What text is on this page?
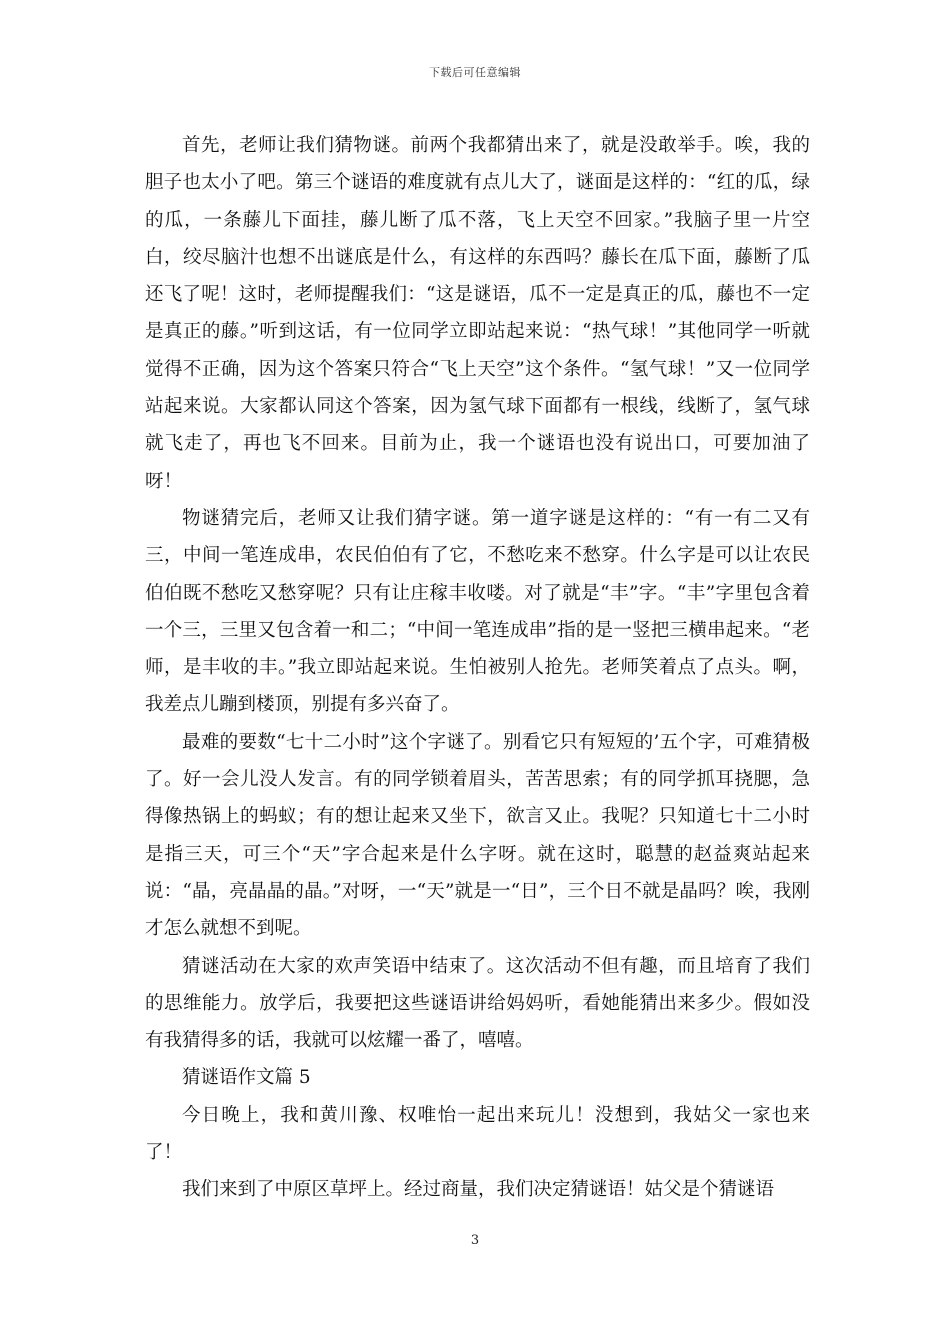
下载后可任意编辑

首先，老师让我们猜物谜。前两个我都猜出来了，就是没敢举手。唉，我的胆子也太小了吧。第三个谜语的难度就有点儿大了，谜面是这样的：“红的瓜，绿的瓜，一条藤儿下面挂，藤儿断了瓜不落，飞上天空不回家。”我脑子里一片空白，绞尽脑汁也想不出谜底是什么，有这样的东西吗？藤长在瓜下面，藤断了瓜还飞了呢！这时，老师提醒我们：“这是谜语，瓜不一定是真正的瓜，藤也不一定是真正的藤。”听到这话，有一位同学立即站起来说：“热气球！”其他同学一听就觉得不正确，因为这个答案只符合“飞上天空”这个条件。“氢气球！”又一位同学站起来说。大家都认同这个答案，因为氢气球下面都有一根线，线断了，氢气球就飞走了，再也飞不回来。目前为止，我一个谜语也没有说出口，可要加油了呀！

物谜猜完后，老师又让我们猜字谜。第一道字谜是这样的：“有一有二又有三，中间一笔连成串，农民伯伯有了它，不愁吃来不愁穿。什么字是可以让农民伯伯既不愁吃又愁穿呢？只有让庄稼丰收喽。对了就是“丰”字。“丰”字里包含着一个三，三里又包含着一和二；“中间一笔连成串”指的是一竖把三横串起来。“老师，是丰收的丰。”我立即站起来说。生怕被别人抢先。老师笑着点了点头。啊，我差点儿蹦到楼顶，别提有多兴奋了。

最难的要数“七十二小时”这个字谜了。别看它只有短短的’五个字，可难猜极了。好一会儿没人发言。有的同学锁着眉头，苦苦思索；有的同学抓耳挠腮，急得像热锅上的蚂蚁；有的想让起来又坐下，欲言又止。我呢？只知道七十二小时是指三天，可三个“天”字合起来是什么字呀。就在这时，聪慧的赵益爽站起来说：“晶，亮晶晶的晶。”对呀，一“天”就是一“日”，三个日不就是晶吗？唉，我刚才怎么就想不到呢。

猜谜活动在大家的欢声笑语中结束了。这次活动不但有趣，而且培育了我们的思维能力。放学后，我要把这些谜语讲给妈妈听，看她能猜出来多少。假如没有我猜得多的话，我就可以炫耀一番了，嘻嘻。

猜谜语作文篇 5

今日晚上，我和黄川豫、权唯怡一起出来玩儿！没想到，我姑父一家也来了！

我们来到了中原区草坪上。经过商量，我们决定猜谜语！姑父是个猜谜语

3
